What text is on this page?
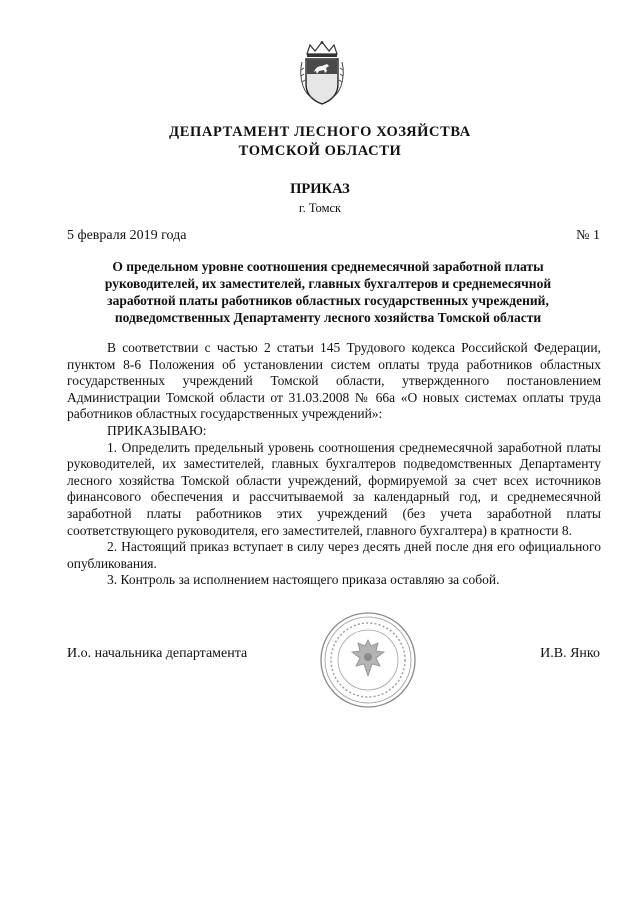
ДЕПАРТАМЕНТ ЛЕСНОГО ХОЗЯЙСТВА
ТОМСКОЙ ОБЛАСТИ
ПРИКАЗ
г. Томск
5 февраля 2019 года	№ 1
О предельном уровне соотношения среднемесячной заработной платы руководителей, их заместителей, главных бухгалтеров и среднемесячной заработной платы работников областных государственных учреждений, подведомственных Департаменту лесного хозяйства Томской области

В соответствии с частью 2 статьи 145 Трудового кодекса Российской Федерации, пунктом 8-6 Положения об установлении систем оплаты труда работников областных государственных учреждений Томской области, утвержденного постановлением Администрации Томской области от 31.03.2008 № 66а «О новых системах оплаты труда работников областных государственных учреждений»:

ПРИКАЗЫВАЮ:

1. Определить предельный уровень соотношения среднемесячной заработной платы руководителей, их заместителей, главных бухгалтеров подведомственных Департаменту лесного хозяйства Томской области учреждений, формируемой за счет всех источников финансового обеспечения и рассчитываемой за календарный год, и среднемесячной заработной платы работников этих учреждений (без учета заработной платы соответствующего руководителя, его заместителей, главного бухгалтера) в кратности 8.

2. Настоящий приказ вступает в силу через десять дней после дня его официального опубликования.

3. Контроль за исполнением настоящего приказа оставляю за собой.

И.о. начальника департамента	И.В. Янко
